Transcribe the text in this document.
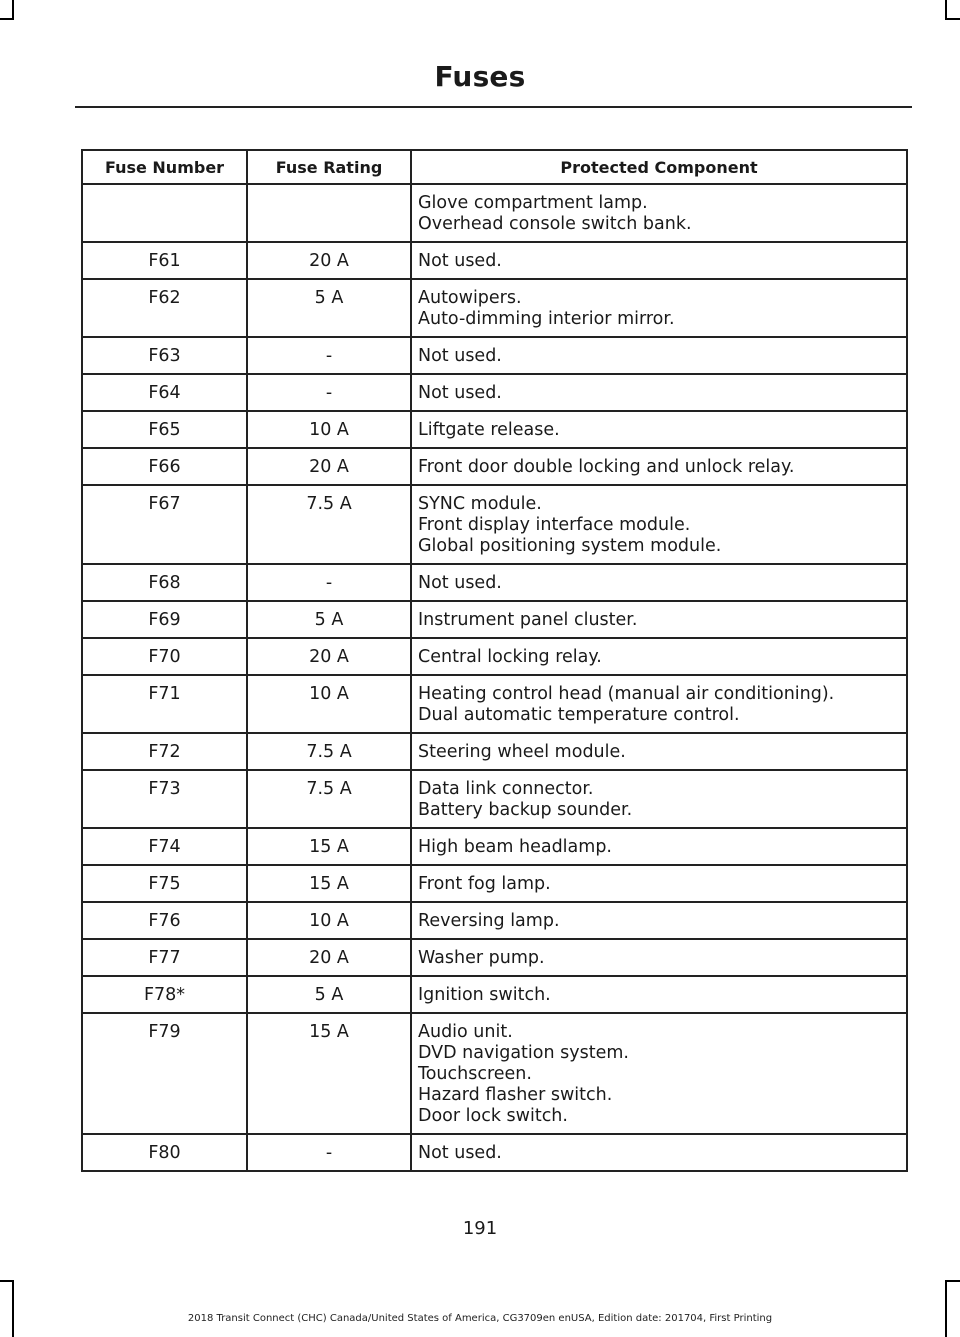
Fuses
Fuse Number	Fuse Rating	Protected Component

		Glove compartment lamp.
Overhead console switch bank.

F61	20 A	Not used.

F62	5 A	Autowipers.
Auto-dimming interior mirror.

F63	-	Not used.

F64	-	Not used.

F65	10 A	Liftgate release.

F66	20 A	Front door double locking and unlock relay.

F67	7.5 A	SYNC module.
Front display interface module.
Global positioning system module.

F68	-	Not used.

F69	5 A	Instrument panel cluster.

F70	20 A	Central locking relay.

F71	10 A	Heating control head (manual air conditioning).
Dual automatic temperature control.

F72	7.5 A	Steering wheel module.

F73	7.5 A	Data link connector.
Battery backup sounder.

F74	15 A	High beam headlamp.

F75	15 A	Front fog lamp.

F76	10 A	Reversing lamp.

F77	20 A	Washer pump.

F78*	5 A	Ignition switch.

F79	15 A	Audio unit.
DVD navigation system.
Touchscreen.
Hazard flasher switch.
Door lock switch.

F80	-	Not used.
191
2018 Transit Connect (CHC) Canada/United States of America, CG3709en enUSA, Edition date: 201704, First Printing
